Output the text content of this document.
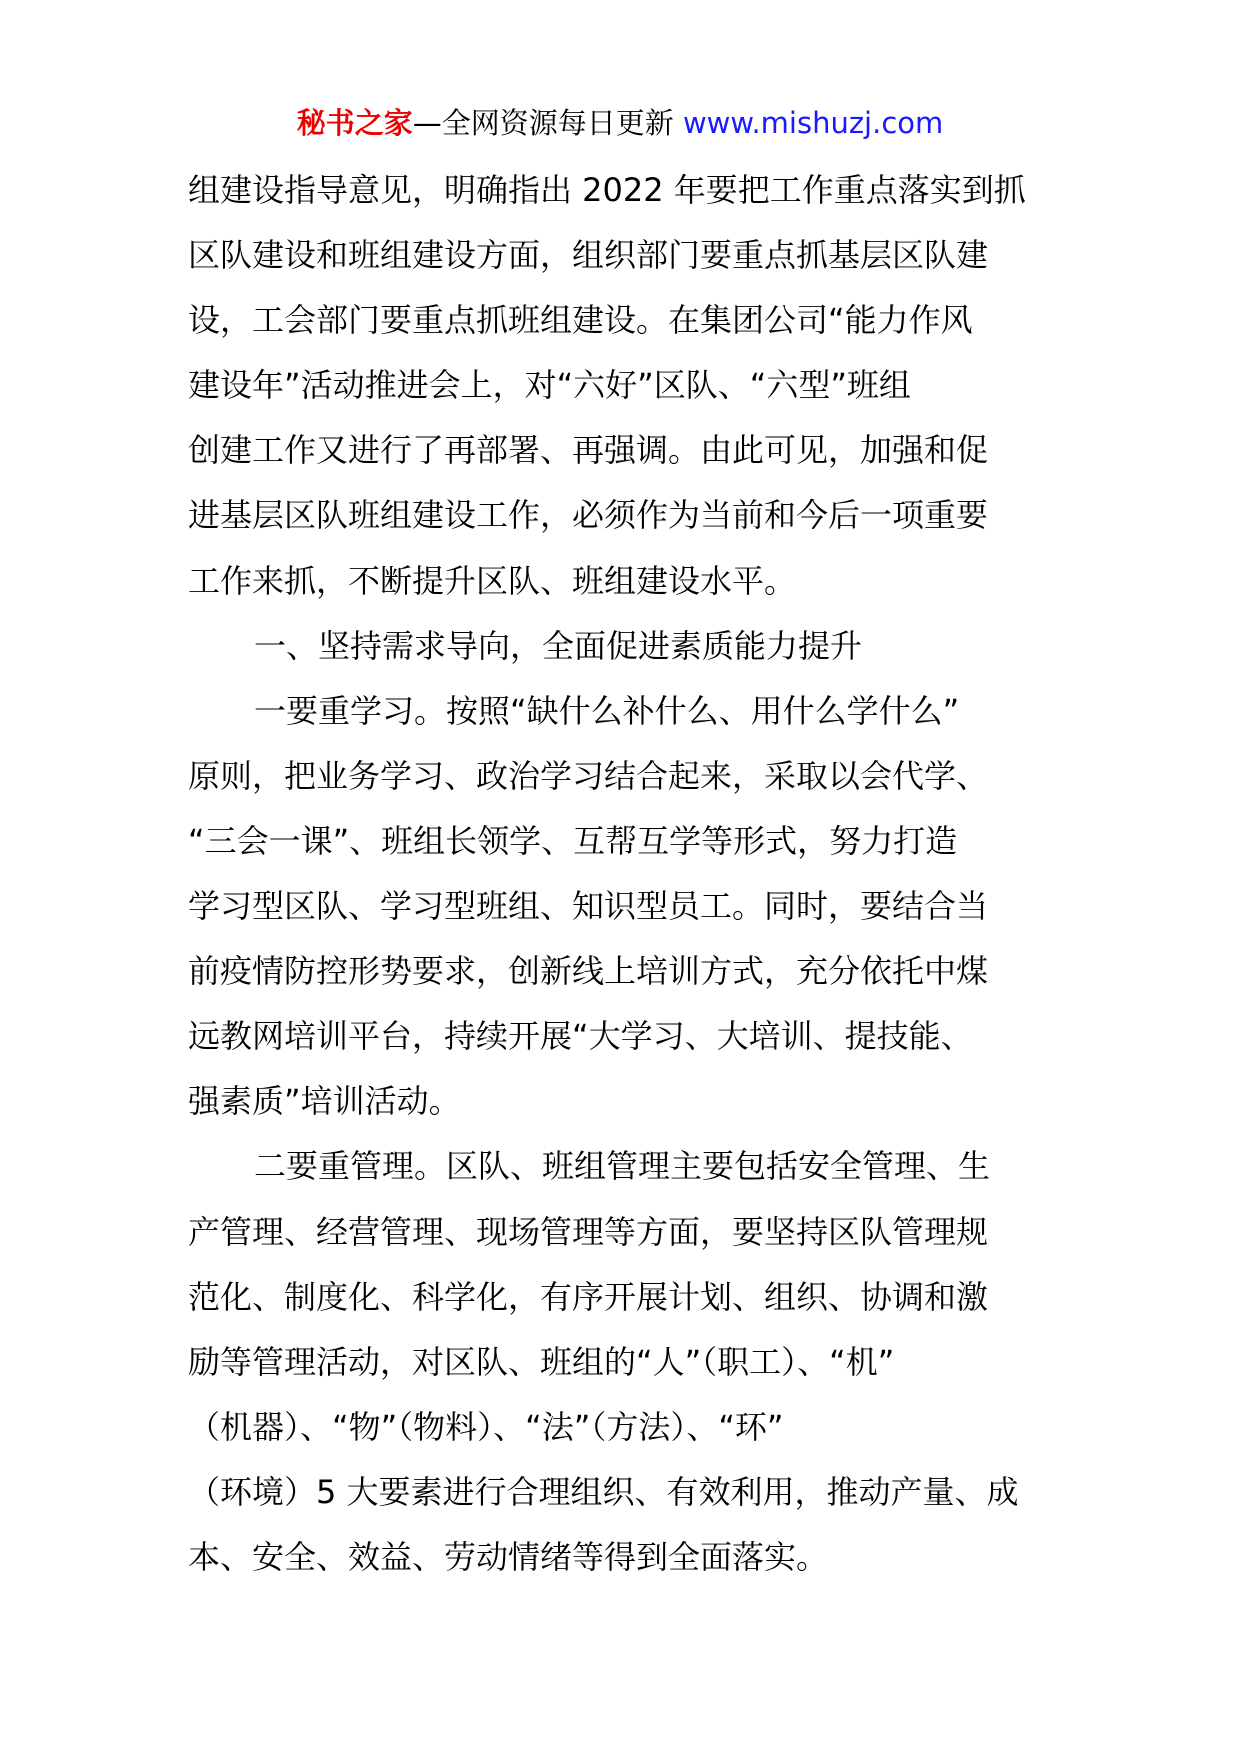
秘书之家—全网资源每日更新 www.mishuzj.com
组建设指导意见，明确指出 2022 年要把工作重点落实到抓
区队建设和班组建设方面，组织部门要重点抓基层区队建
设，工会部门要重点抓班组建设。在集团公司“能力作风
建设年”活动推进会上，对“六好”区队、“六型”班组
创建工作又进行了再部署、再强调。由此可见，加强和促
进基层区队班组建设工作，必须作为当前和今后一项重要
工作来抓，不断提升区队、班组建设水平。
一、坚持需求导向，全面促进素质能力提升
一要重学习。按照“缺什么补什么、用什么学什么”
原则，把业务学习、政治学习结合起来，采取以会代学、
“三会一课”、班组长领学、互帮互学等形式，努力打造
学习型区队、学习型班组、知识型员工。同时，要结合当
前疫情防控形势要求，创新线上培训方式，充分依托中煤
远教网培训平台，持续开展“大学习、大培训、提技能、
强素质”培训活动。
二要重管理。区队、班组管理主要包括安全管理、生
产管理、经营管理、现场管理等方面，要坚持区队管理规
范化、制度化、科学化，有序开展计划、组织、协调和激
励等管理活动，对区队、班组的“人”（职工）、“机”
（机器）、“物”（物料）、“法”（方法）、“环”
（环境）5 大要素进行合理组织、有效利用，推动产量、成
本、安全、效益、劳动情绪等得到全面落实。
